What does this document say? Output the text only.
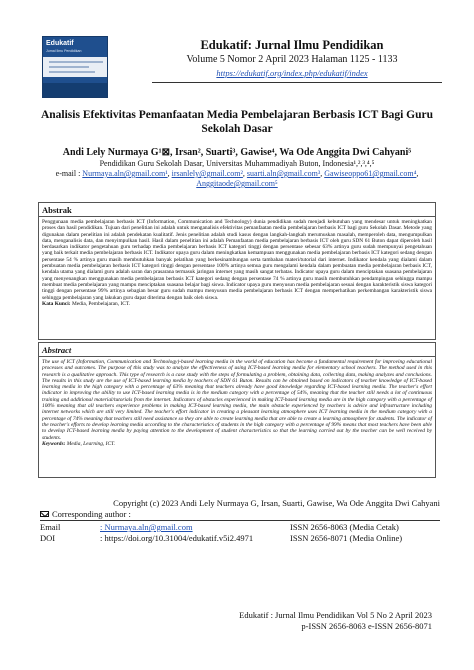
Edukatif
Jurnal Ilmu Pendidikan	Edukatif: Jurnal Ilmu Pendidikan
Volume 5 Nomor 2 April 2023 Halaman 1125 - 1133
https://edukatif.org/index.php/edukatif/index
Analisis Efektivitas Pemanfaatan Media Pembelajaran Berbasis ICT Bagi Guru Sekolah Dasar
Andi Lely Nurmaya G¹⊠, Irsan², Suarti³, Gawise⁴, Wa Ode Anggita Dwi Cahyani⁵
Pendidikan Guru Sekolah Dasar, Universitas Muhammadiyah Buton, Indonesia¹,²,³,⁴,⁵
e-mail : Nurmaya.aln@gmail.com¹, irsanlely@gmail.com², suarti.aln@gmail.com³, Gawiseoppo61@gmail.com⁴, Anggitaode@gmail.com⁵
Abstrak
Penggunaan media pembelajaran berbasis ICT (Information, Communication and Technology) dunia pendidikan sudah menjadi kebutuhan yang mendesar untuk meningkatkan proses dan hasil pendidikan. Tujuan dari penelitian ini adalah untuk menganalisis efektivitas pemanfaatan media pembelajaran berbasis ICT bagi guru Sekolah Dasar. Metode yang digunakan dalam penelitian ini adalah pendekatan kualitatif. Jenis penelitian adalah studi kasus dengan langkah-langkah merumuskan masalah, memperoleh data, mengumpulkan data, menganalisis data, dan menyimpulkan hasil. Hasil dalam penelitian ini adalah Pemanfaatan media pembelajaran berbasis ICT oleh guru SDN 61 Buton dapat diperoleh hasil berdasarkan indikator pengetahuan guru terhadap media pembelajaran berbasis ICT kategori tinggi dengan persentase sebesar 63% artinya guru sudah mempunyai pengetahuan yang baik terkait media pembelajaran berbasis ICT. Indikator upaya guru dalam meningkatkan kemampuan menggunakan media pembelajaran berbasis ICT kategori sedang dengan persentase 54 % artinya guru masih membutuhkan banyak pelatihan yang berkesinambungan serta tambahan materi/tutorial dari internet. Indikator kendala yang dialami dalam pembuatan media pembelajaran berbasis ICT kategori tinggi dengan persentase 100% artinya semua guru mengalami kendala dalam pembuatan media pembelajaran berbasis ICT, kendala utama yang dialami guru adalah saran dan prasarana termasuk jaringan internet yang masih sangat terbatas. Indicator upaya guru dalam menciptakan suasana pembelajaran yang menyenangkan menggunakan media pembelajaran berbasis ICT kategori sedang dengan persentase 74 % artinya guru masih membutuhkan pendampingan sehingga mampu membuat media pembelajaran yang mampu menciptakan suasana belajar bagi siswa. Indicator upaya guru menyusun media pembelajaran sesuai dengan karakteristik siswa kategori tinggi dengan persentase 99% artinya sebagian besar guru sudah mampu menyusun media pembelajaran berbasis ICT dengan memperhatikan perkembangan karakteristik siswa sehingga pembelajaran yang lakukan guru dapat diterima dengan baik oleh siswa.
Kata Kunci: Media, Pembelajaran, ICT.
Abstract
The use of ICT (Information, Communication and Technology)-based learning media in the world of education has become a fundamental requirement for improving educational processes and outcomes. The purpose of this study was to analyze the effectiveness of using ICT-based learning media for elementary school teachers. The method used in this research is a qualitative approach. This type of research is a case study with the steps of formulating a problem, obtaining data, collecting data, making analyzes and conclusions. The results in this study are the use of ICT-based learning media by teachers of SDN 61 Buton. Results can be obtained based on indicators of teacher knowledge of ICT-based learning media in the high category with a percentage of 63% meaning that teachers already have good knowledge regarding ICT-based learning media. The teacher's effort indicator in improving the ability to use ICT-based learning media is in the medium category with a percentage of 54%, meaning that the teacher still needs a lot of continuous training and additional material/tutorials from the internet. Indicators of obstacles experienced in making ICT-based learning media are in the high category with a percentage of 100% meaning that all teachers experience problems in making ICT-based learning media, the main obstacle experienced by teachers is advice and infrastructure including internet networks which are still very limited. The teacher's effort indicator in creating a pleasant learning atmosphere uses ICT learning media in the medium category with a percentage of 74% meaning that teachers still need assistance so they are able to create learning media that are able to create a learning atmosphere for students. The indicator of the teacher's efforts to develop learning media according to the characteristics of students in the high category with a percentage of 99% means that most teachers have been able to develop ICT-based learning media by paying attention to the development of student characteristics so that the learning carried out by the teacher can be well received by students.
Keywords: Media, Learning, ICT.
Copyright (c) 2023 Andi Lely Nurmaya G, Irsan, Suarti, Gawise, Wa Ode Anggita Dwi Cahyani
Corresponding author :
Email	: Nurmaya.aln@gmail.com	ISSN 2656-8063 (Media Cetak)
DOI	: https://doi.org/10.31004/edukatif.v5i2.4971	ISSN 2656-8071 (Media Online)
Edukatif : Jurnal Ilmu Pendidikan Vol 5 No 2 April 2023
p-ISSN 2656-8063 e-ISSN 2656-8071
